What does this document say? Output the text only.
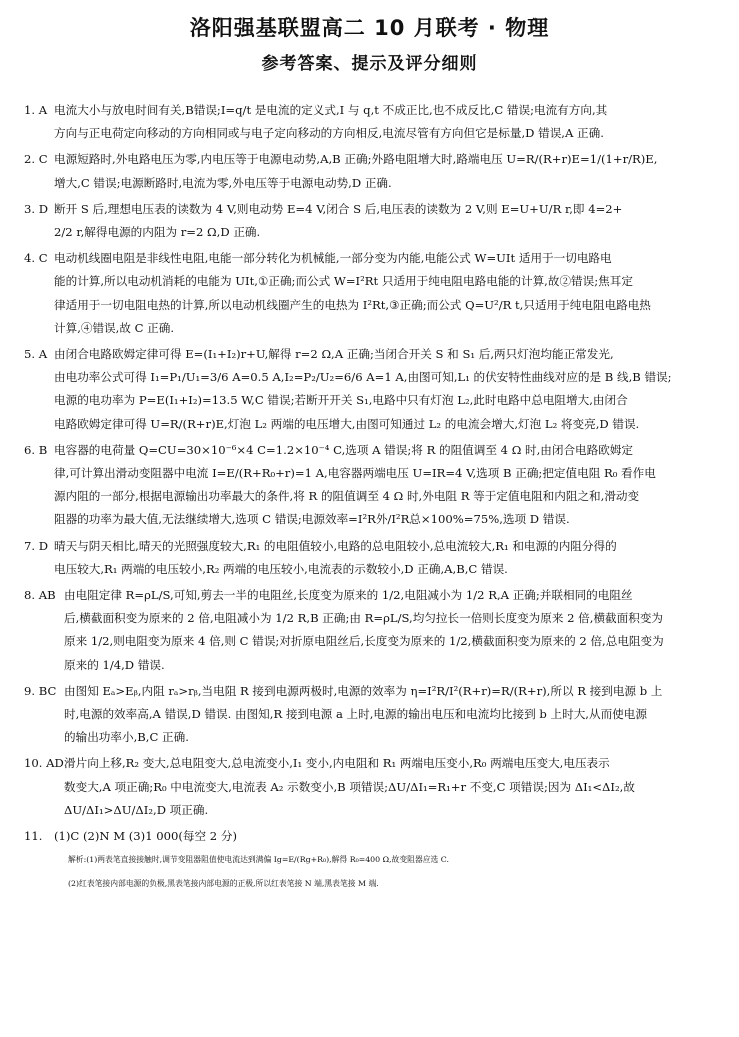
洛阳强基联盟高二 10 月联考 · 物理
参考答案、提示及评分细则
1. A 电流大小与放电时间有关,B错误;I=q/t 是电流的定义式,I 与 q,t 不成正比,也不成反比,C 错误;电流有方向,其
方向与正电荷定向移动的方向相同或与电子定向移动的方向相反,电流尽管有方向但它是标量,D 错误,A 正确.
2. C 电源短路时,外电路电压为零,内电压等于电源电动势,A,B 正确;外路电阻增大时,路端电压 U=R/(R+r)E=1/(1+r/R)E,
增大,C 错误;电源断路时,电流为零,外电压等于电源电动势,D 正确.
3. D 断开 S 后,理想电压表的读数为 4 V,则电动势 E=4 V,闭合 S 后,电压表的读数为 2 V,则 E=U+U/R r,即 4=2+
2/2 r,解得电源的内阻为 r=2 Ω,D 正确.
4. C 电动机线圈电阻是非线性电阻,电能一部分转化为机械能,一部分变为内能,电能公式 W=UIt 适用于一切电路电
能的计算,所以电动机消耗的电能为 UIt,①正确;而公式 W=I²Rt 只适用于纯电阻电路电能的计算,故②错误;焦耳定
律适用于一切电阻电热的计算,所以电动机线圈产生的电热为 I²Rt,③正确;而公式 Q=U²/R t,只适用于纯电阻电路电热
计算,④错误,故 C 正确.
5. A 由闭合电路欧姆定律可得 E=(I₁+I₂)r+U,解得 r=2 Ω,A 正确;当闭合开关 S 和 S₁ 后,两只灯泡均能正常发光,
由电功率公式可得 I₁=P₁/U₁=3/6 A=0.5 A,I₂=P₂/U₂=6/6 A=1 A,由图可知,L₁ 的伏安特性曲线对应的是 B 线,B 错误;
电源的电功率为 P=E(I₁+I₂)=13.5 W,C 错误;若断开开关 S₁,电路中只有灯泡 L₂,此时电路中总电阻增大,由闭合
电路欧姆定律可得 U=R/(R+r)E,灯泡 L₂ 两端的电压增大,由图可知通过 L₂ 的电流会增大,灯泡 L₂ 将变亮,D 错误.
6. B 电容器的电荷量 Q=CU=30×10⁻⁶×4 C=1.2×10⁻⁴ C,选项 A 错误;将 R 的阻值调至 4 Ω 时,由闭合电路欧姆定
律,可计算出滑动变阻器中电流 I=E/(R+R₀+r)=1 A,电容器两端电压 U=IR=4 V,选项 B 正确;把定值电阻 R₀ 看作电
源内阻的一部分,根据电源输出功率最大的条件,将 R 的阻值调至 4 Ω 时,外电阻 R 等于定值电阻和内阻之和,滑动变
阻器的功率为最大值,无法继续增大,选项 C 错误;电源效率=I²R外/I²R总×100%=75%,选项 D 错误.
7. D 晴天与阴天相比,晴天的光照强度较大,R₁ 的电阻值较小,电路的总电阻较小,总电流较大,R₁ 和电源的内阻分得的
电压较大,R₁ 两端的电压较小,R₂ 两端的电压较小,电流表的示数较小,D 正确,A,B,C 错误.
8. AB 由电阻定律 R=ρL/S,可知,剪去一半的电阻丝,长度变为原来的 1/2,电阻减小为 1/2 R,A 正确;并联相同的电阻丝
后,横截面积变为原来的 2 倍,电阻减小为 1/2 R,B 正确;由 R=ρL/S,均匀拉长一倍则长度变为原来 2 倍,横截面积变为
原来 1/2,则电阻变为原来 4 倍,则 C 错误;对折原电阻丝后,长度变为原来的 1/2,横截面积变为原来的 2 倍,总电阻变为
原来的 1/4,D 错误.
9. BC 由图知 Eₐ>Eᵦ,内阻 rₐ>rᵦ,当电阻 R 接到电源两极时,电源的效率为 η=I²R/I²(R+r)=R/(R+r),所以 R 接到电源 b 上
时,电源的效率高,A 错误,D 错误. 由图知,R 接到电源 a 上时,电源的输出电压和电流均比接到 b 上时大,从而使电源
的输出功率小,B,C 正确.
10. AD 滑片向上移,R₂ 变大,总电阻变大,总电流变小,I₁ 变小,内电阻和 R₁ 两端电压变小,R₀ 两端电压变大,电压表示
数变大,A 项正确;R₀ 中电流变大,电流表 A₂ 示数变小,B 项错误;ΔU/ΔI₁=R₁+r 不变,C 项错误;因为 ΔI₁<ΔI₂,故
ΔU/ΔI₁>ΔU/ΔI₂,D 项正确.
11. (1)C (2)N M (3)1 000(每空 2 分)
解析:(1)两表笔直接接触时,调节变阻器阻值使电流达到满偏 Ig=E/(Rg+R₀),解得 R₀=400 Ω,故变阻器应选 C.
(2)红表笔接内部电源的负极,黑表笔接内部电源的正极,所以红表笔接 N 端,黑表笔接 M 端.
